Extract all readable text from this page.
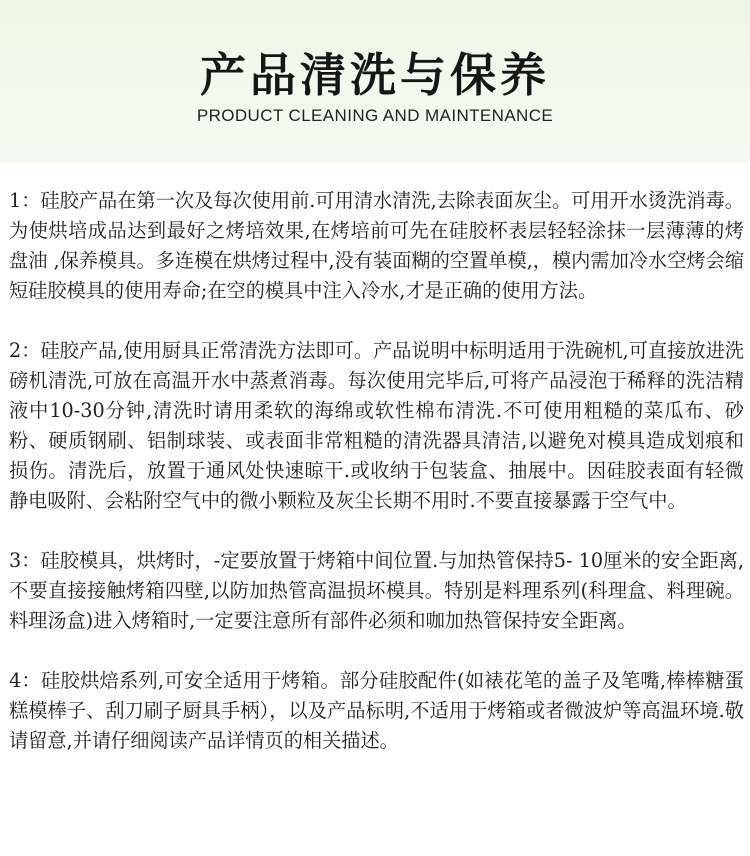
产品清洗与保养
PRODUCT CLEANING AND MAINTENANCE

1：硅胶产品在第一次及每次使用前.可用清水清洗,去除表面灰尘。可用开水烫洗消毒。为使烘培成品达到最好之烤培效果,在烤培前可先在硅胶杯表层轻轻涂抹一层薄薄的烤盘油 ,保养模具。多连模在烘烤过程中,没有装面糊的空置单模,，模内需加冷水空烤会缩短硅胶模具的使用寿命;在空的模具中注入冷水,才是正确的使用方法。

2：硅胶产品,使用厨具正常清洗方法即可。产品说明中标明适用于洗碗机,可直接放进洗磅机清洗,可放在高温开水中蒸煮消毒。每次使用完毕后,可将产品浸泡于稀释的洗洁精液中10-30分钟,清洗时请用柔软的海绵或软性棉布清洗.不可使用粗糙的菜瓜布、砂粉、硬质钢刷、铝制球装、或表面非常粗糙的清洗器具清洁,以避免对模具造成划痕和损伤。清洗后，放置于通风处快速晾干.或收纳于包装盒、抽展中。因硅胶表面有轻微静电吸附、会粘附空气中的微小颗粒及灰尘长期不用时.不要直接暴露于空气中。

3：硅胶模具，烘烤时，-定要放置于烤箱中间位置.与加热管保持5- 10厘米的安全距离,不要直接接触烤箱四壁,以防加热管高温损坏模具。特别是料理系列(科理盒、料理碗。料理汤盒)进入烤箱时,一定要注意所有部件必须和咖加热管保持安全距离。

4：硅胶烘焙系列,可安全适用于烤箱。部分硅胶配件(如裱花笔的盖子及笔嘴,棒棒糖蛋糕模棒子、刮刀刷子厨具手柄），以及产品标明,不适用于烤箱或者微波炉等高温环境.敬请留意,并请仔细阅读产品详情页的相关描述。
